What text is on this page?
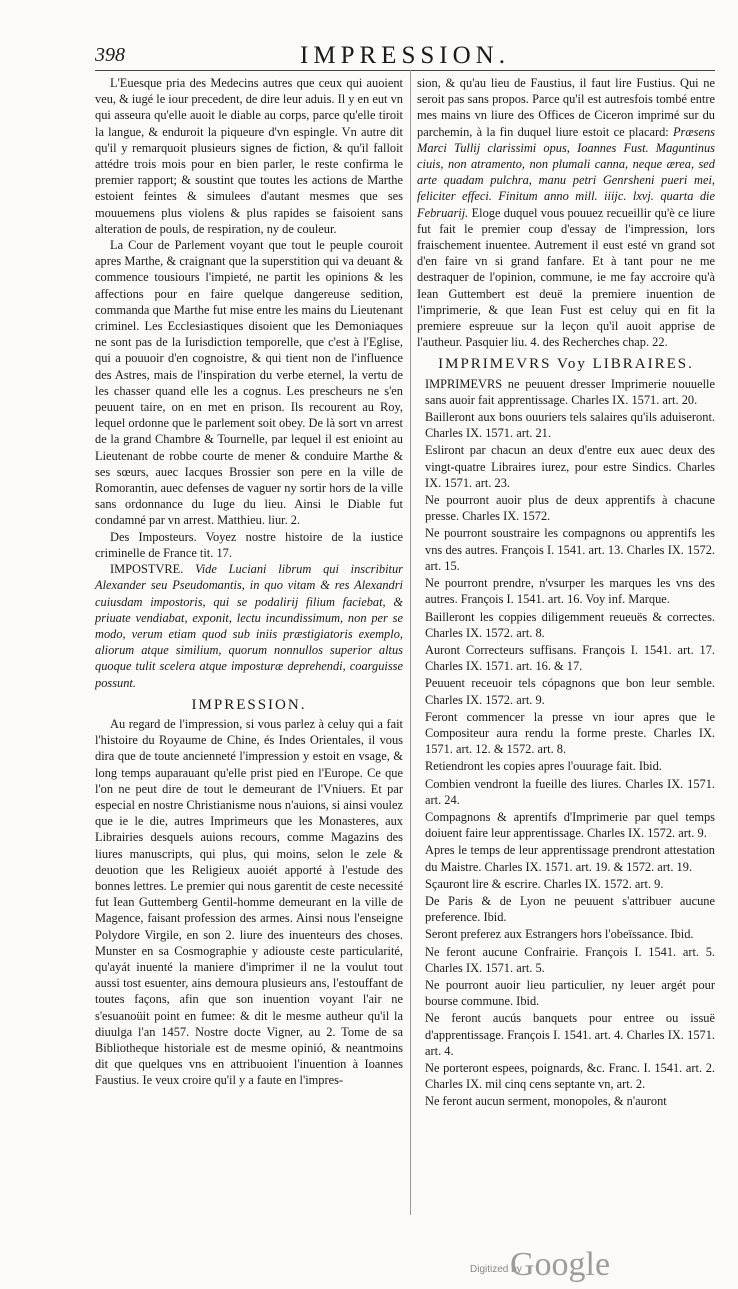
398	IMPRESSION.

L'Euesque pria des Medecins autres que ceux qui auoient veu, & iugé le iour precedent, de dire leur aduis. Il y en eut vn qui asseura qu'elle auoit le diable au corps, parce qu'elle tiroit la langue, & enduroit la piqueure d'vn espingle. Vn autre dit qu'il y remarquoit plusieurs signes de fiction, & qu'il falloit attédre trois mois pour en bien parler, le reste confirma le premier rapport; & soustint que toutes les actions de Marthe estoient feintes & simulees d'autant mesmes que ses mouuemens plus violens & plus rapides se faisoient sans alteration de pouls, de respiration, ny de couleur.

La Cour de Parlement voyant que tout le peuple couroit apres Marthe, & craignant que la superstition qui va deuant & commence tousiours l'impieté, ne partit les opinions & les affections pour en faire quelque dangereuse sedition, commanda que Marthe fut mise entre les mains du Lieutenant criminel. Les Ecclesiastiques disoient que les Demoniaques ne sont pas de la Iurisdiction temporelle, que c'est à l'Eglise, qui a pouuoir d'en cognoistre, & qui tient non de l'influence des Astres, mais de l'inspiration du verbe eternel, la vertu de les chasser quand elle les a cognus. Les prescheurs ne s'en peuuent taire, on en met en prison. Ils recourent au Roy, lequel ordonne que le parlement soit obey. De là sort vn arrest de la grand Chambre & Tournelle, par lequel il est enioint au Lieutenant de robbe courte de mener & conduire Marthe & ses sœurs, auec Iacques Brossier son pere en la ville de Romorantin, auec defenses de vaguer ny sortir hors de la ville sans ordonnance du Iuge du lieu. Ainsi le Diable fut condamné par vn arrest. Matthieu. liur. 2.

Des Imposteurs. Voyez nostre histoire de la iustice criminelle de France tit. 17.

IMPOSTVRE. Vide Luciani librum qui inscribitur Alexander seu Pseudomantis, in quo vitam & res Alexandri cuiusdam impostoris, qui se podalirij filium faciebat, & priuate vendiabat, exponit, lectu incundissimum, non per se modo, verum etiam quod sub iniis præstigiatoris exemplo, aliorum atque similium, quorum nonnullos superior altus quoque tulit scelera atque imposturæ deprehendi, coarguisse possunt.

IMPRESSION.

Au regard de l'impression, si vous parlez à celuy qui a fait l'histoire du Royaume de Chine, és Indes Orientales, il vous dira que de toute ancienneté l'impression y estoit en vsage, & long temps auparauant qu'elle prist pied en l'Europe. Ce que l'on ne peut dire de tout le demeurant de l'Vniuers. Et par especial en nostre Christianisme nous n'auions, si ainsi voulez que ie le die, autres Imprimeurs que les Monasteres, aux Librairies desquels auions recours, comme Magazins des liures manuscripts, qui plus, qui moins, selon le zele & deuotion que les Religieux auoiét apporté à l'estude des bonnes lettres. Le premier qui nous garentit de ceste necessité fut Iean Guttemberg Gentil-homme demeurant en la ville de Magence, faisant profession des armes. Ainsi nous l'enseigne Polydore Virgile, en son 2. liure des inuenteurs des choses. Munster en sa Cosmographie y adiouste ceste particularité, qu'ayát inuenté la maniere d'imprimer il ne la voulut tout aussi tost esuenter, ains demoura plusieurs ans, l'estouffant de toutes façons, afin que son inuention voyant l'air ne s'esuanoüit point en fumee: & dit le mesme autheur qu'il la diuulga l'an 1457. Nostre docte Vigner, au 2. Tome de sa Bibliotheque historiale est de mesme opinió, & neantmoins dit que quelques vns en attribuoient l'inuention à Ioannes Faustius. Ie veux croire qu'il y a faute en l'impres-

sion, & qu'au lieu de Faustius, il faut lire Fustius. Qui ne seroit pas sans propos. Parce qu'il est autresfois tombé entre mes mains vn liure des Offices de Ciceron imprimé sur du parchemin, à la fin duquel liure estoit ce placard: Præsens Marci Tullij clarissimi opus, Ioannes Fust. Maguntinus ciuis, non atramento, non plumali canna, neque ærea, sed arte quadam pulchra, manu petri Genrsheni pueri mei, feliciter effeci. Finitum anno mill. iiijc. lxvj. quarta die Februarij. Eloge duquel vous pouuez recueillir qu'è ce liure fut fait le premier coup d'essay de l'impression, lors fraischement inuentee. Autrement il eust esté vn grand sot d'en faire vn si grand fanfare. Et à tant pour ne me destraquer de l'opinion, commune, ie me fay accroire qu'à Iean Guttembert est deuë la premiere inuention de l'imprimerie, & que Iean Fust est celuy qui en fit la premiere espreuue sur la leçon qu'il auoit apprise de l'autheur. Pasquier liu. 4. des Recherches chap. 22.

IMPRIMEVRS Voy LIBRAIRES.

IMPRIMEVRS ne peuuent dresser Imprimerie nouuelle sans auoir fait apprentissage. Charles IX. 1571. art. 20.

Bailleront aux bons ouuriers tels salaires qu'ils aduiseront. Charles IX. 1571. art. 21.

Esliront par chacun an deux d'entre eux auec deux des vingt-quatre Libraires iurez, pour estre Sindics. Charles IX. 1571. art. 23.

Ne pourront auoir plus de deux apprentifs à chacune presse. Charles IX. 1572.

Ne pourront soustraire les compagnons ou apprentifs les vns des autres. François I. 1541. art. 13. Charles IX. 1572. art. 15.

Ne pourront prendre, n'vsurper les marques les vns des autres. François I. 1541. art. 16. Voy inf. Marque.

Bailleront les coppies diligemment reueuës & correctes. Charles IX. 1572. art. 8.

Auront Correcteurs suffisans. François I. 1541. art. 17. Charles IX. 1571. art. 16. & 17.

Peuuent receuoir tels cópagnons que bon leur semble. Charles IX. 1572. art. 9.

Feront commencer la presse vn iour apres que le Compositeur aura rendu la forme preste. Charles IX. 1571. art. 12. & 1572. art. 8.

Retiendront les copies apres l'ouurage fait. Ibid.

Combien vendront la fueille des liures. Charles IX. 1571. art. 24.

Compagnons & aprentifs d'Imprimerie par quel temps doiuent faire leur apprentissage. Charles IX. 1572. art. 9.

Apres le temps de leur apprentissage prendront attestation du Maistre. Charles IX. 1571. art. 19. & 1572. art. 19.

Sçauront lire & escrire. Charles IX. 1572. art. 9.

De Paris & de Lyon ne peuuent s'attribuer aucune preference. Ibid.

Seront preferez aux Estrangers hors l'obeïssance. Ibid.

Ne feront aucune Confrairie. François I. 1541. art. 5. Charles IX. 1571. art. 5.

Ne pourront auoir lieu particulier, ny leuer argét pour bourse commune. Ibid.

Ne feront aucús banquets pour entree ou issuë d'apprentissage. François I. 1541. art. 4. Charles IX. 1571. art. 4.

Ne porteront espees, poignards, &c. Franc. I. 1541. art. 2. Charles IX. mil cinq cens septante vn, art. 2.

Ne feront aucun serment, monopoles, & n'auront

Digitized by
Google
